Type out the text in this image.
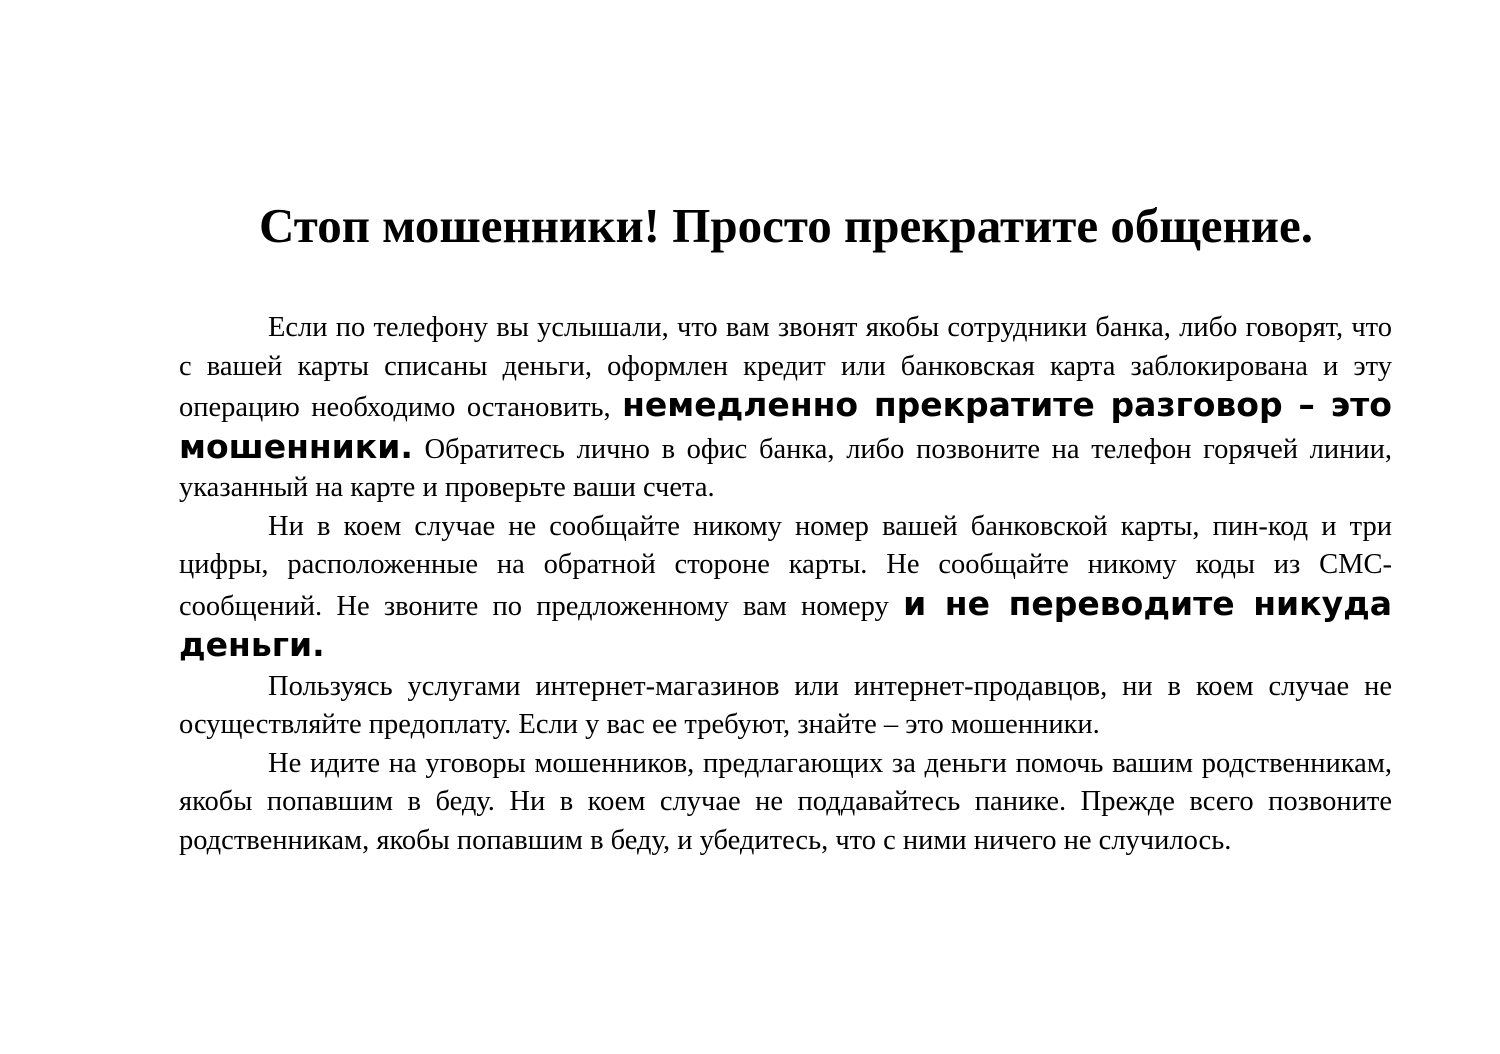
Стоп мошенники! Просто прекратите общение.

Если по телефону вы услышали, что вам звонят якобы сотрудники банка, либо говорят, что с вашей карты списаны деньги, оформлен кредит или банковская карта заблокирована и эту операцию необходимо остановить, немедленно прекратите разговор – это мошенники. Обратитесь лично в офис банка, либо позвоните на телефон горячей линии, указанный на карте и проверьте ваши счета.

Ни в коем случае не сообщайте никому номер вашей банковской карты, пин-код и три цифры, расположенные на обратной стороне карты. Не сообщайте никому коды из СМС-сообщений. Не звоните по предложенному вам номеру и не переводите никуда деньги.

Пользуясь услугами интернет-магазинов или интернет-продавцов, ни в коем случае не осуществляйте предоплату. Если у вас ее требуют, знайте – это мошенники.

Не идите на уговоры мошенников, предлагающих за деньги помочь вашим родственникам, якобы попавшим в беду. Ни в коем случае не поддавайтесь панике. Прежде всего позвоните родственникам, якобы попавшим в беду, и убедитесь, что с ними ничего не случилось.
